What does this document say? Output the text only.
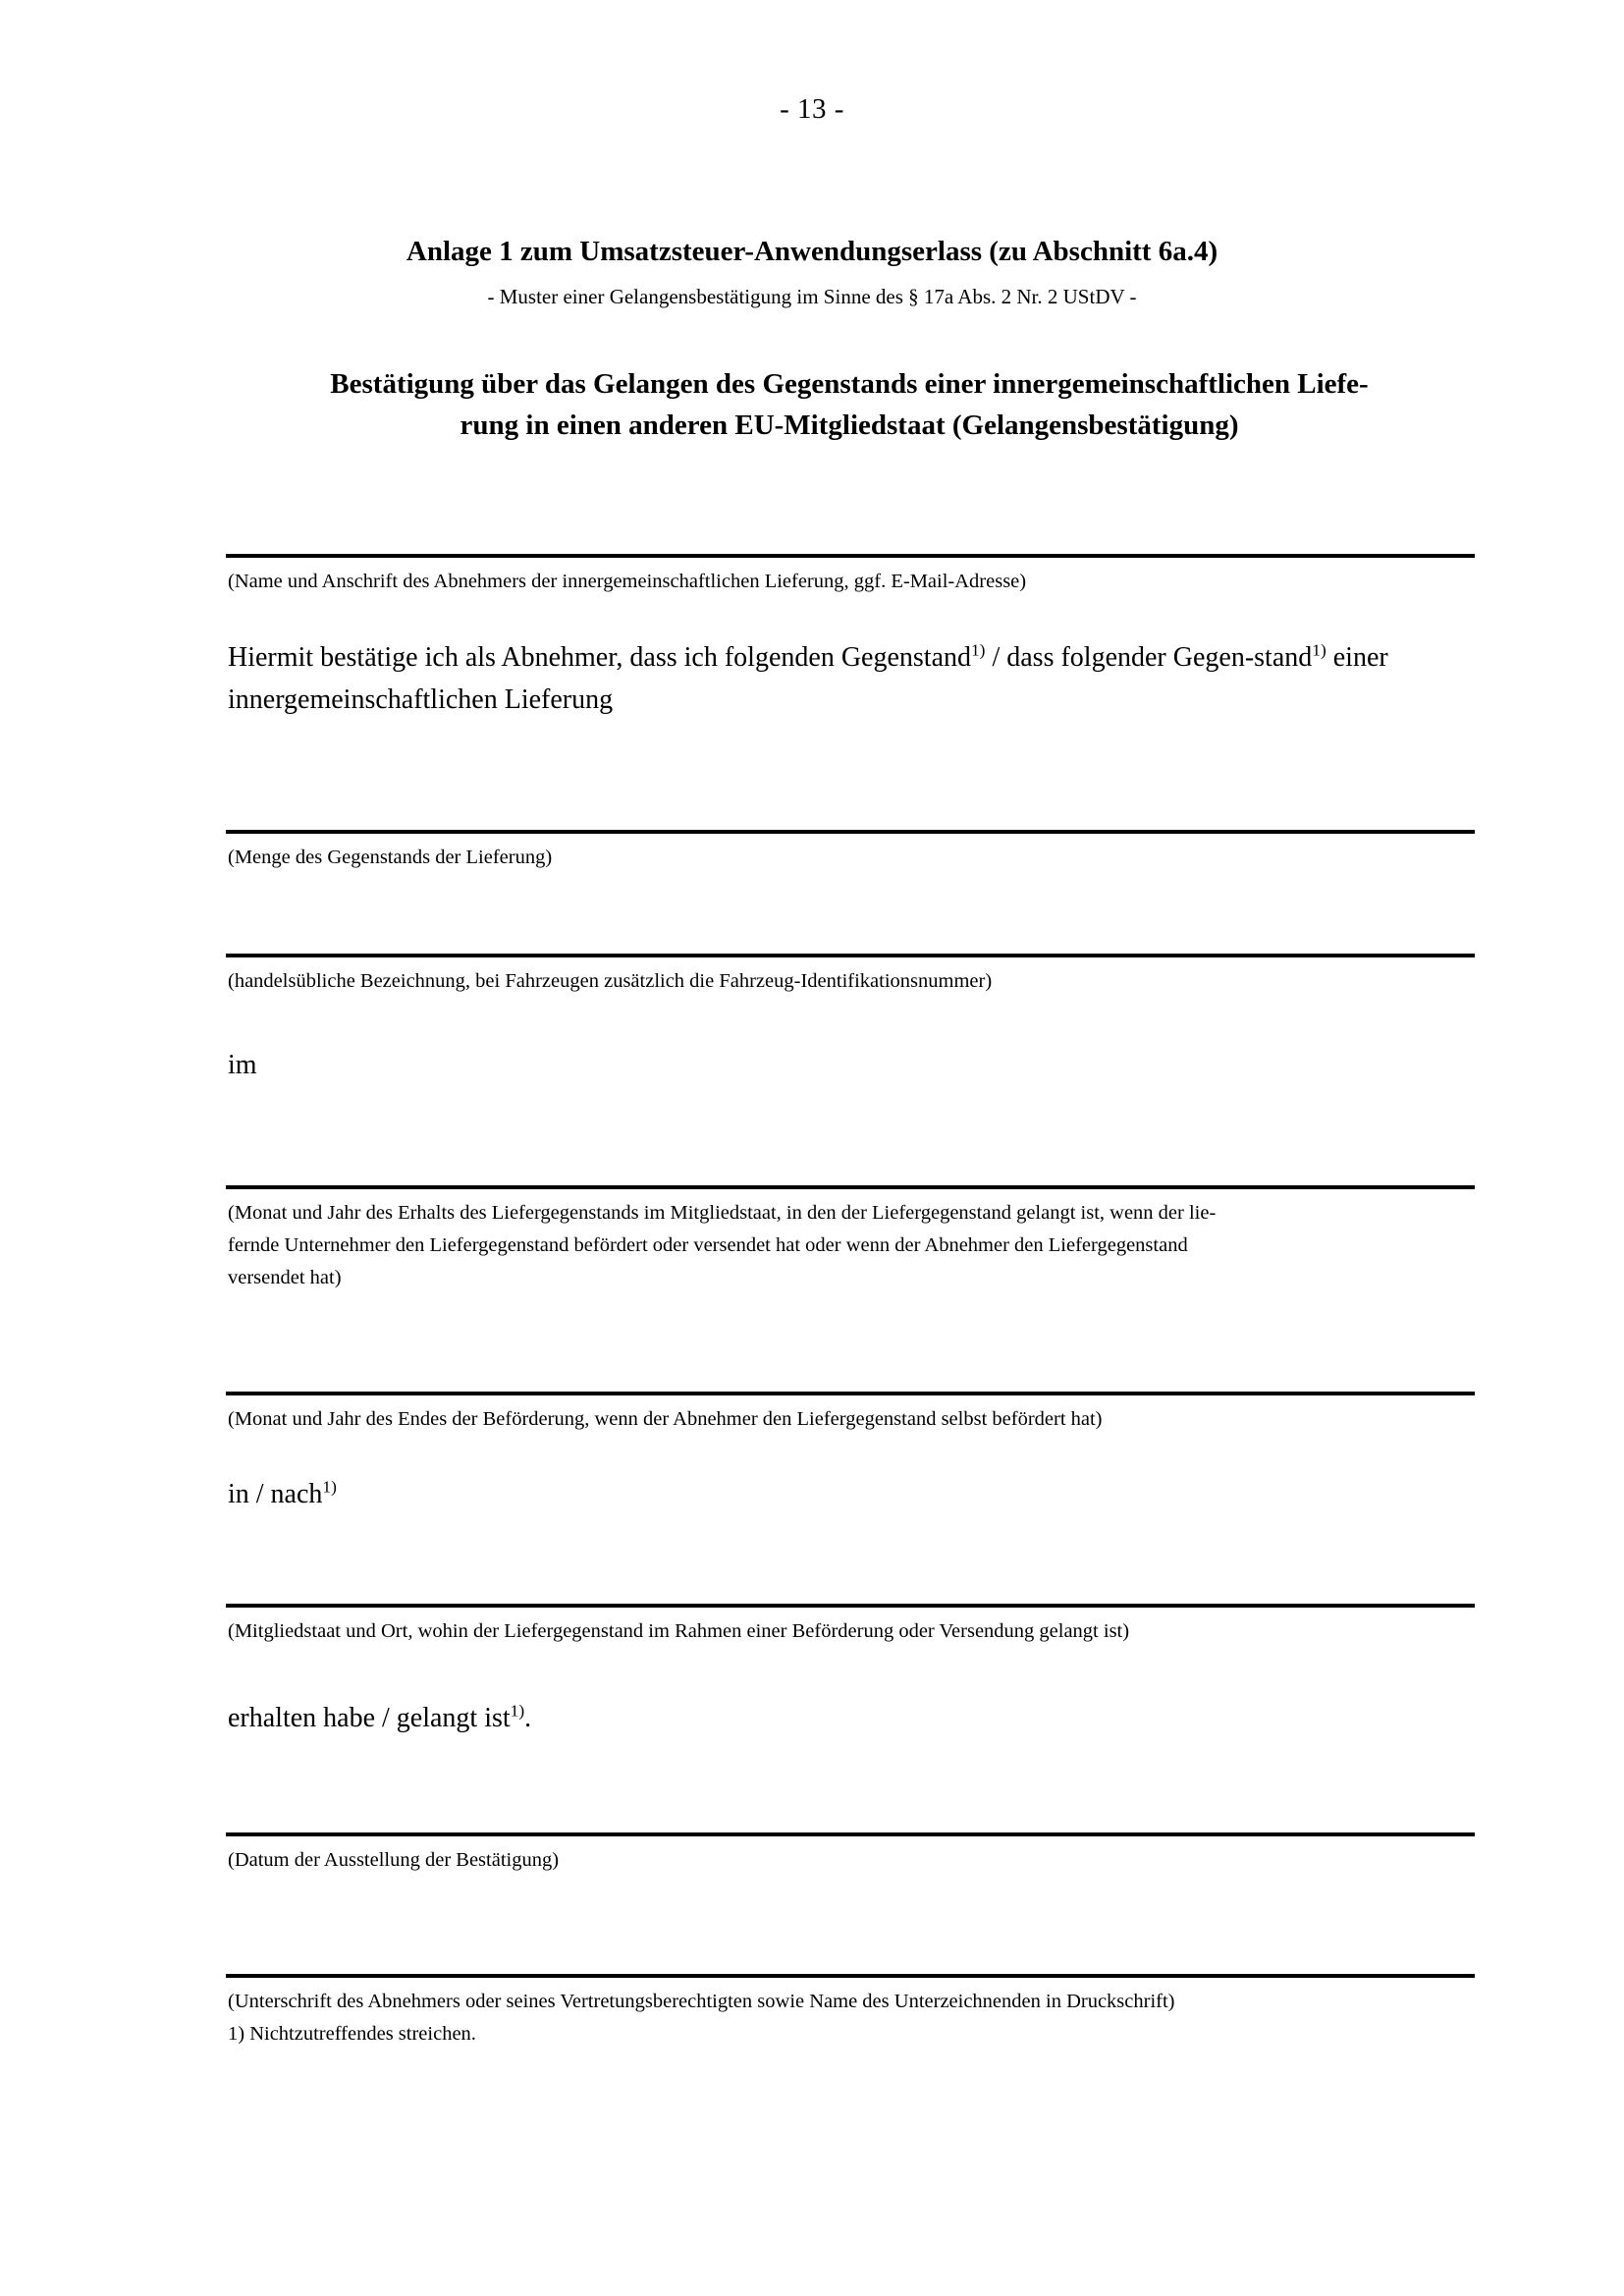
- 13 -
Anlage 1 zum Umsatzsteuer-Anwendungserlass (zu Abschnitt 6a.4)
- Muster einer Gelangensbestätigung im Sinne des § 17a Abs. 2 Nr. 2 UStDV -
Bestätigung über das Gelangen des Gegenstands einer innergemeinschaftlichen Liefe-
rung in einen anderen EU-Mitgliedstaat (Gelangensbestätigung)
(Name und Anschrift des Abnehmers der innergemeinschaftlichen Lieferung, ggf. E-Mail-Adresse)
Hiermit bestätige ich als Abnehmer, dass ich folgenden Gegenstand$^{1)}$ / dass folgender Gegen-stand$^{1)}$ einer innergemeinschaftlichen Lieferung
(Menge des Gegenstands der Lieferung)
(handelsübliche Bezeichnung, bei Fahrzeugen zusätzlich die Fahrzeug-Identifikationsnummer)
im
(Monat und Jahr des Erhalts des Liefergegenstands im Mitgliedstaat, in den der Liefergegenstand gelangt ist, wenn der lie-
fernde Unternehmer den Liefergegenstand befördert oder versendet hat oder wenn der Abnehmer den Liefergegenstand
versendet hat)
(Monat und Jahr des Endes der Beförderung, wenn der Abnehmer den Liefergegenstand selbst befördert hat)
in / nach$^{1)}$
(Mitgliedstaat und Ort, wohin der Liefergegenstand im Rahmen einer Beförderung oder Versendung gelangt ist)
erhalten habe / gelangt ist$^{1)}$.
(Datum der Ausstellung der Bestätigung)
(Unterschrift des Abnehmers oder seines Vertretungsberechtigten sowie Name des Unterzeichnenden in Druckschrift)
1) Nichtzutreffendes streichen.
